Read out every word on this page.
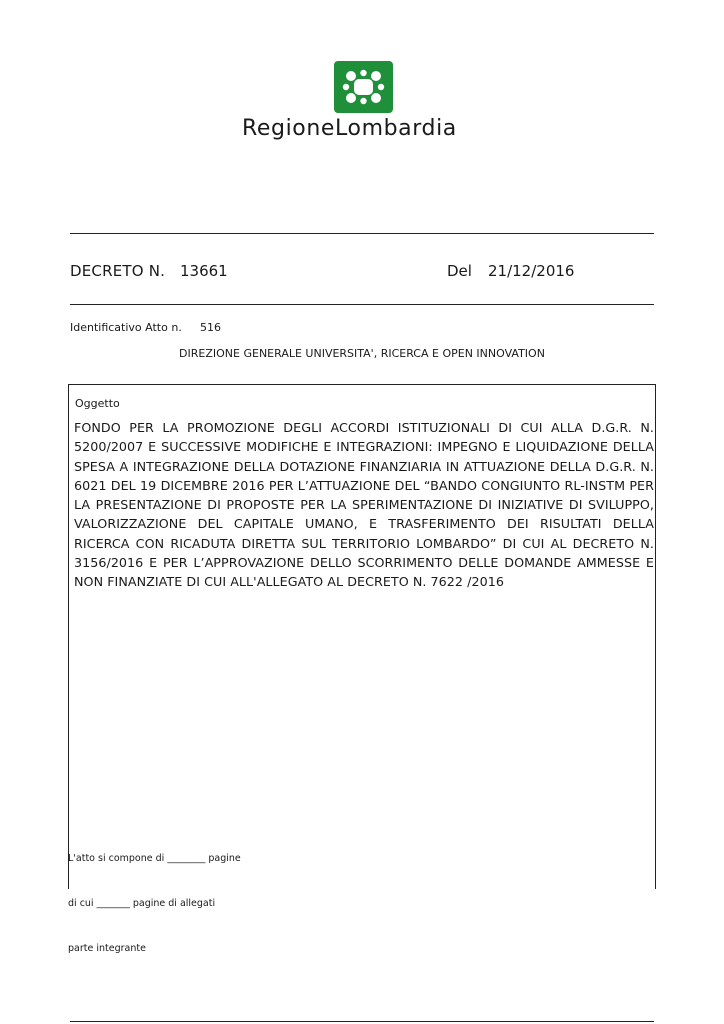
RegioneLombardia
DECRETO N. 13661	Del 21/12/2016
Identificativo Atto n. 516
DIREZIONE GENERALE UNIVERSITA', RICERCA E OPEN INNOVATION
Oggetto
FONDO PER LA PROMOZIONE DEGLI ACCORDI ISTITUZIONALI DI CUI ALLA D.G.R. N. 5200/2007 E SUCCESSIVE MODIFICHE E INTEGRAZIONI: IMPEGNO E LIQUIDAZIONE DELLA SPESA A INTEGRAZIONE DELLA DOTAZIONE FINANZIARIA IN ATTUAZIONE DELLA D.G.R. N. 6021 DEL 19 DICEMBRE 2016 PER L’ATTUAZIONE DEL “BANDO CONGIUNTO RL-INSTM PER LA PRESENTAZIONE DI PROPOSTE PER LA SPERIMENTAZIONE DI INIZIATIVE DI SVILUPPO, VALORIZZAZIONE DEL CAPITALE UMANO, E TRASFERIMENTO DEI RISULTATI DELLA RICERCA CON RICADUTA DIRETTA SUL TERRITORIO LOMBARDO” DI CUI AL DECRETO N. 3156/2016 E PER L’APPROVAZIONE DELLO SCORRIMENTO DELLE DOMANDE AMMESSE E NON FINANZIATE DI CUI ALL'ALLEGATO AL DECRETO N. 7622 /2016
L'atto si compone di ________ pagine
di cui _______ pagine di allegati
parte integrante
